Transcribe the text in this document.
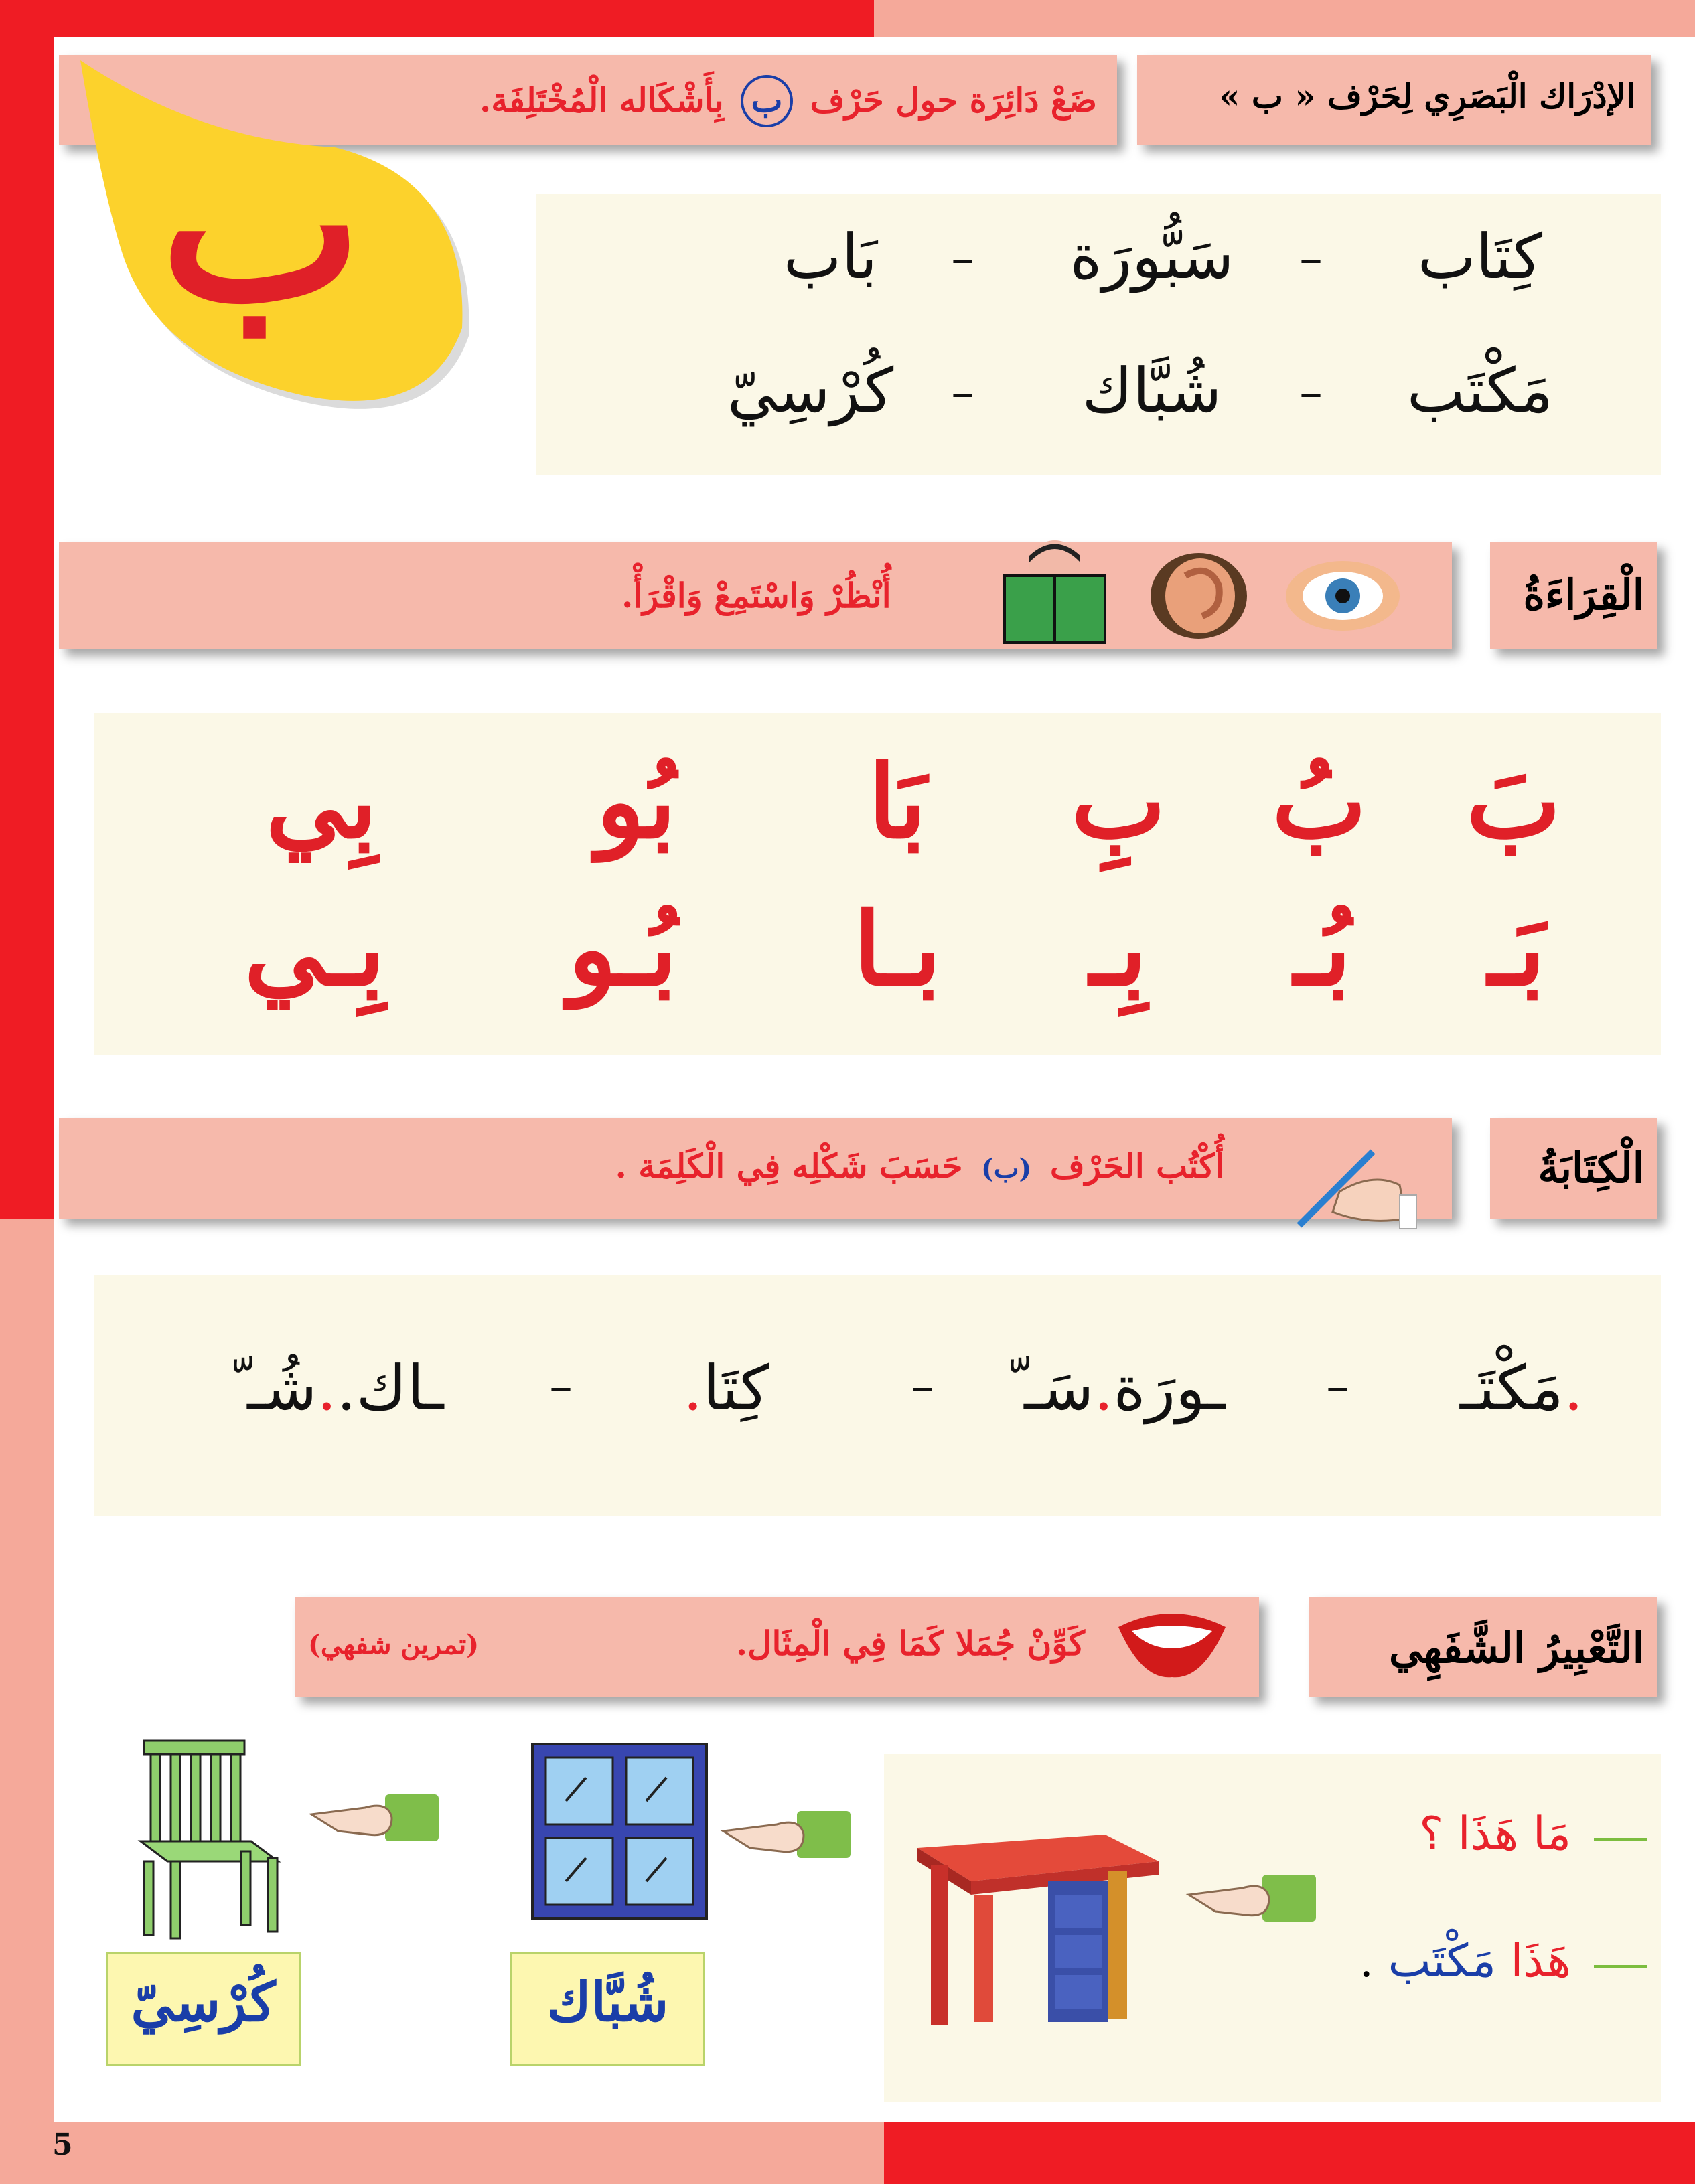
الإدْرَاك الْبَصَرِي لِحَرْف « ب »
ضَعْ دَائِرَة حول حَرْف ب بِأَشْكَاله الْمُخْتَلِفَة.
ب	كِتَاب
–
سَبُّورَة
–
بَاب
مَكْتَب
–
شُبَّاك
–
كُرْسِيّ
الْقِرَاءَةُ
أُنْظُرْ وَاسْتَمِعْ وَاقْرَأْ.
بَ
بُ
بِ
بَا
بُو
بِي
بَـ
بُـ
بِـ
بـا
بُـو
بِـي
الْكِتَابَةُ
أُكْتُب الحَرْف (ب) حَسَبَ شَكْلِه فِي الْكَلِمَة .
مَكْتَـ.
–
ّ ـورَة.سَـ
–
.كِتَا
–
ّ ـاك..شُـ
التَّعْبِيرُ الشَّفَهِي
كَوِّنْ جُمَلا كَمَا فِي الْمِثَال.
(تمرين شفهي)
مَا هَذَا ؟
هَذَا مَكْتَب .
كُرْسِيّ	شُبَّاك
5
